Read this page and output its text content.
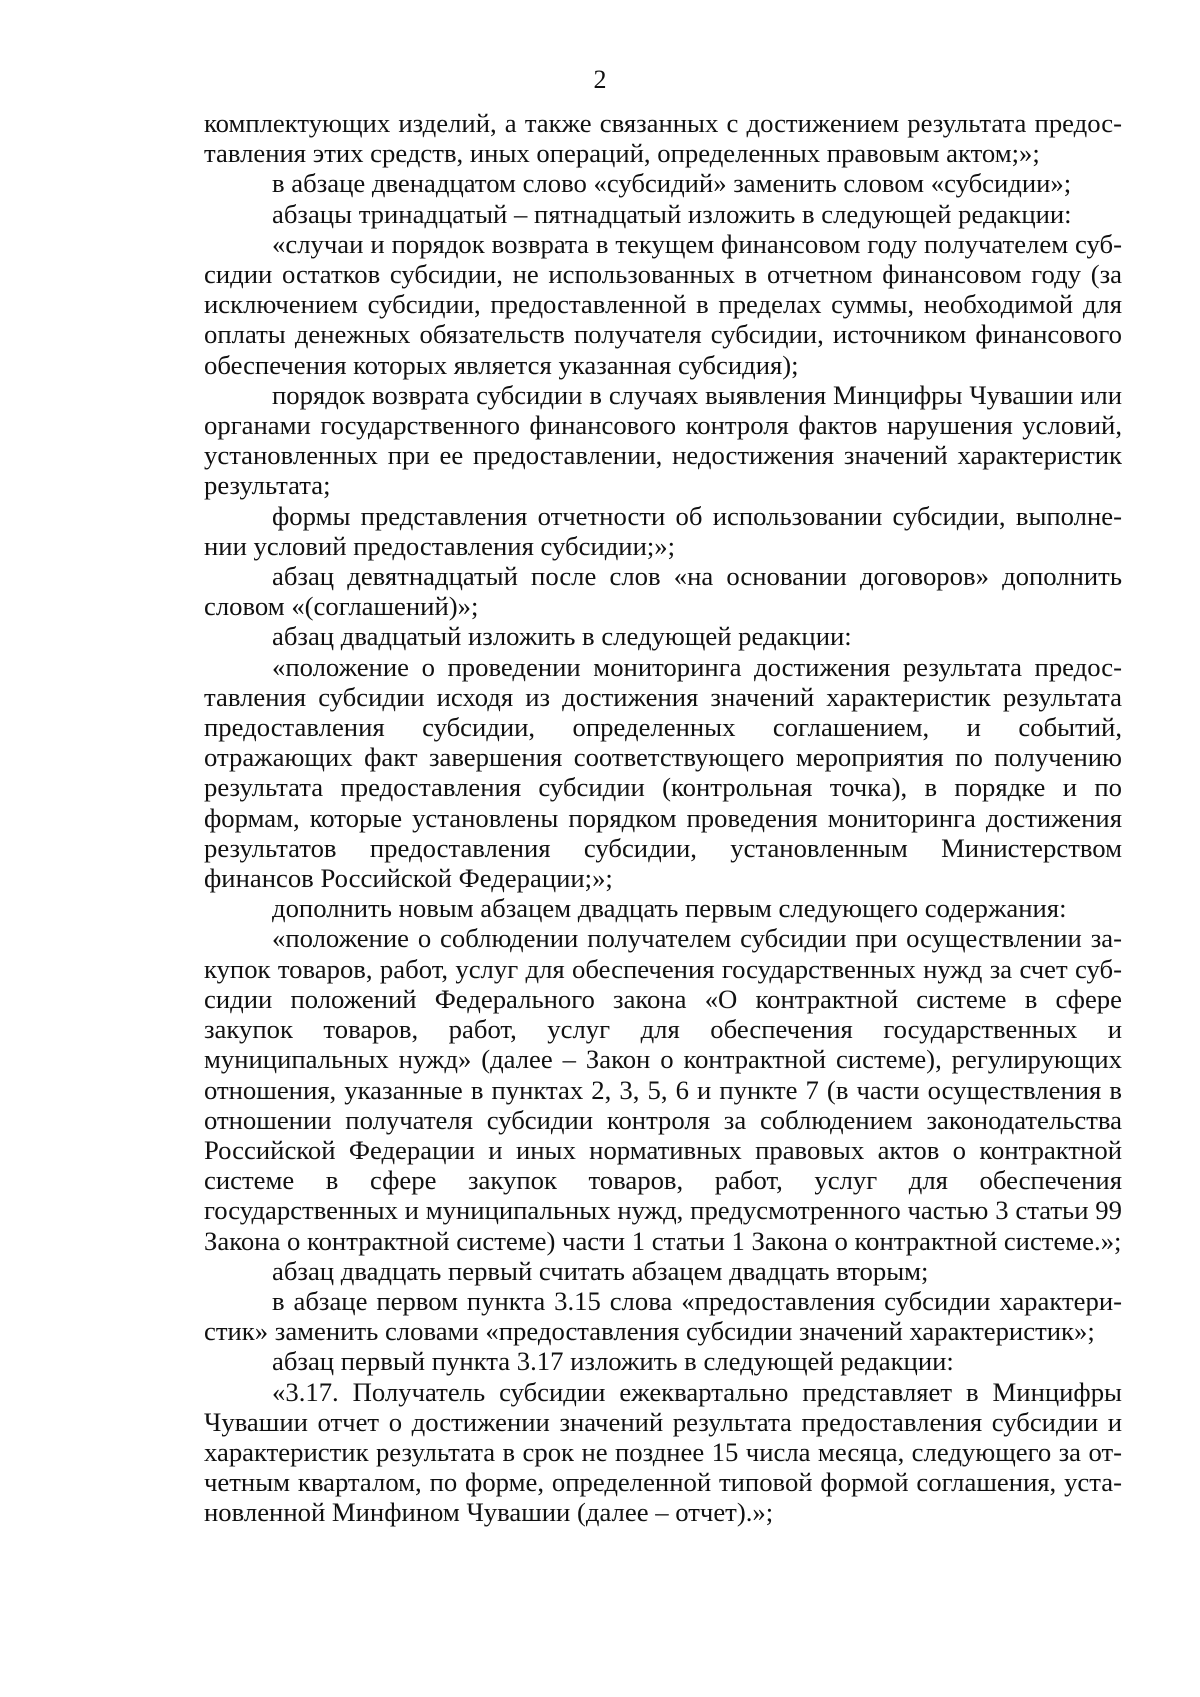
2

комплектующих изделий, а также связанных с достижением результата предоставления этих средств, иных операций, определенных правовым актом;»;

в абзаце двенадцатом слово «субсидий» заменить словом «субсидии»;

абзацы тринадцатый – пятнадцатый изложить в следующей редакции:

«случаи и порядок возврата в текущем финансовом году получателем субсидии остатков субсидии, не использованных в отчетном финансовом году (за исключением субсидии, предоставленной в пределах суммы, необходимой для оплаты денежных обязательств получателя субсидии, источником финансового обеспечения которых является указанная субсидия);

порядок возврата субсидии в случаях выявления Минцифры Чувашии или органами государственного финансового контроля фактов нарушения условий, установленных при ее предоставлении, недостижения значений характеристик результата;

формы представления отчетности об использовании субсидии, выполнении условий предоставления субсидии;»;

абзац девятнадцатый после слов «на основании договоров» дополнить словом «(соглашений)»;

абзац двадцатый изложить в следующей редакции:

«положение о проведении мониторинга достижения результата предоставления субсидии исходя из достижения значений характеристик результата предоставления субсидии, определенных соглашением, и событий, отражающих факт завершения соответствующего мероприятия по получению результата предоставления субсидии (контрольная точка), в порядке и по формам, которые установлены порядком проведения мониторинга достижения результатов предоставления субсидии, установленным Министерством финансов Российской Федерации;»;

дополнить новым абзацем двадцать первым следующего содержания:

«положение о соблюдении получателем субсидии при осуществлении закупок товаров, работ, услуг для обеспечения государственных нужд за счет субсидии положений Федерального закона «О контрактной системе в сфере закупок товаров, работ, услуг для обеспечения государственных и муниципальных нужд» (далее – Закон о контрактной системе), регулирующих отношения, указанные в пунктах 2, 3, 5, 6 и пункте 7 (в части осуществления в отношении получателя субсидии контроля за соблюдением законодательства Российской Федерации и иных нормативных правовых актов о контрактной системе в сфере закупок товаров, работ, услуг для обеспечения государственных и муниципальных нужд, предусмотренного частью 3 статьи 99 Закона о контрактной системе) части 1 статьи 1 Закона о контрактной системе.»;

абзац двадцать первый считать абзацем двадцать вторым;

в абзаце первом пункта 3.15 слова «предоставления субсидии характеристик» заменить словами «предоставления субсидии значений характеристик»;

абзац первый пункта 3.17 изложить в следующей редакции:

«3.17. Получатель субсидии ежеквартально представляет в Минцифры Чувашии отчет о достижении значений результата предоставления субсидии и характеристик результата в срок не позднее 15 числа месяца, следующего за отчетным кварталом, по форме, определенной типовой формой соглашения, установленной Минфином Чувашии (далее – отчет).»;
